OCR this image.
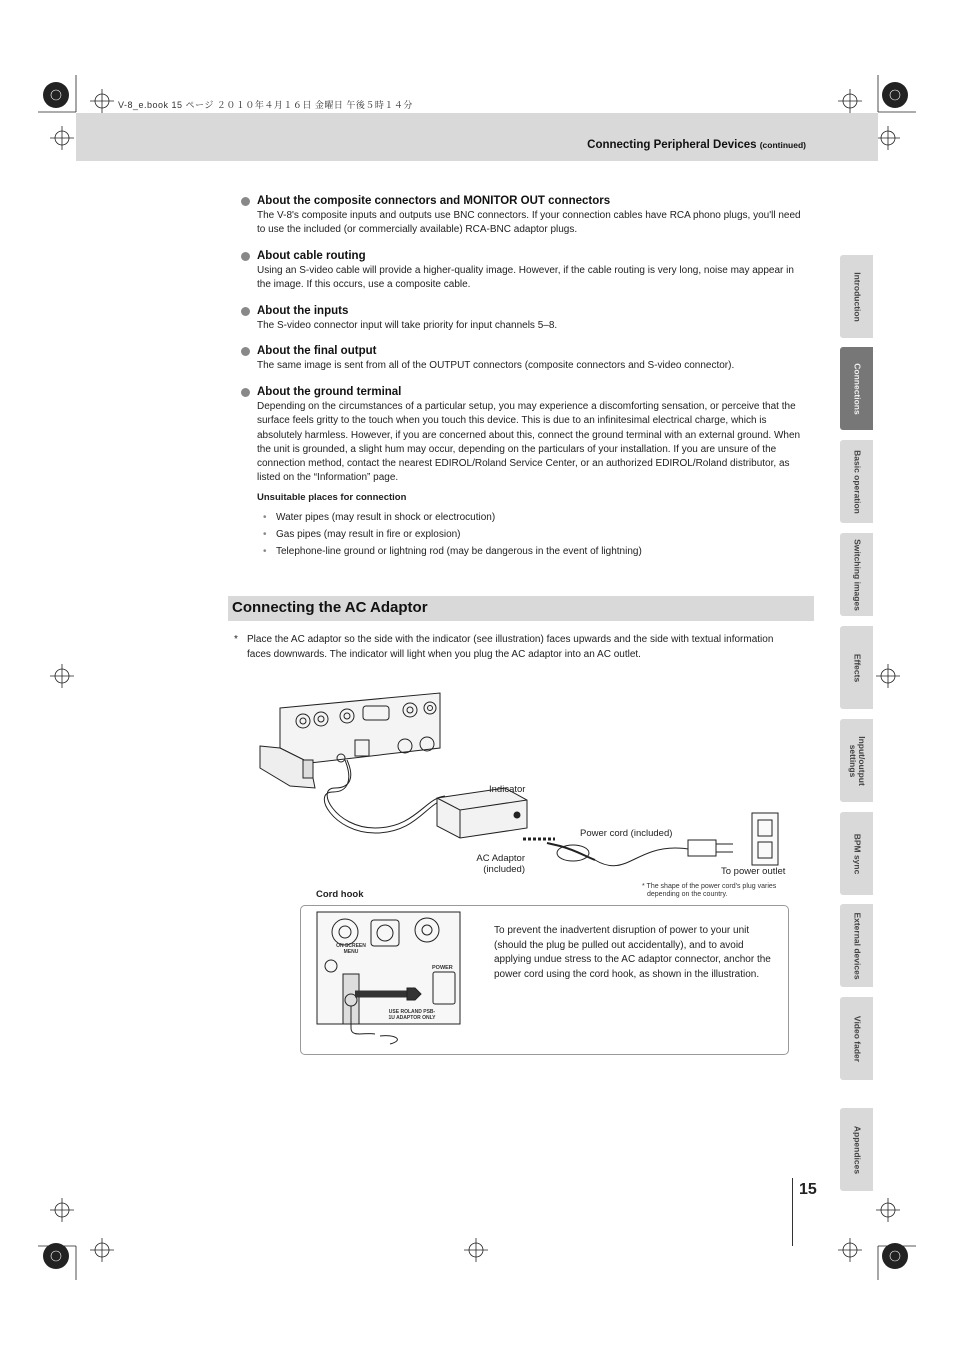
V-8_e.book 15 ページ ２０１０年４月１６日 金曜日 午後５時１４分
Connecting Peripheral Devices (continued)
About the composite connectors and MONITOR OUT connectors
The V-8's composite inputs and outputs use BNC connectors. If your connection cables have RCA phono plugs, you'll need to use the included (or commercially available) RCA-BNC adaptor plugs.
About cable routing
Using an S-video cable will provide a higher-quality image. However, if the cable routing is very long, noise may appear in the image. If this occurs, use a composite cable.
About the inputs
The S-video connector input will take priority for input channels 5–8.
About the final output
The same image is sent from all of the OUTPUT connectors (composite connectors and S-video connector).
About the ground terminal
Depending on the circumstances of a particular setup, you may experience a discomforting sensation, or perceive that the surface feels gritty to the touch when you touch this device. This is due to an infinitesimal electrical charge, which is absolutely harmless. However, if you are concerned about this, connect the ground terminal with an external ground. When the unit is grounded, a slight hum may occur, depending on the particulars of your installation. If you are unsure of the connection method, contact the nearest EDIROL/Roland Service Center, or an authorized EDIROL/Roland distributor, as listed on the “Information” page.
Unsuitable places for connection
• Water pipes (may result in shock or electrocution)
• Gas pipes (may result in fire or explosion)
• Telephone-line ground or lightning rod (may be dangerous in the event of lightning)
Connecting the AC Adaptor
* Place the AC adaptor so the side with the indicator (see illustration) faces upwards and the side with textual information faces downwards. The indicator will light when you plug the AC adaptor into an AC outlet.
Indicator
Power cord (included)
AC Adaptor
(included)	To power outlet
* The shape of the power cord's plug varies
depending on the country.
Cord hook
ON SCREEN MENU
POWER
USE ROLAND PSB-1U ADAPTOR ONLY
To prevent the inadvertent disruption of power to your unit (should the plug be pulled out accidentally), and to avoid applying undue stress to the AC adaptor connector, anchor the power cord using the cord hook, as shown in the illustration.
Introduction
Connections
Basic operation
Switching images
Effects
Input/output settings
BPM sync
External devices
Video fader
Appendices
15
